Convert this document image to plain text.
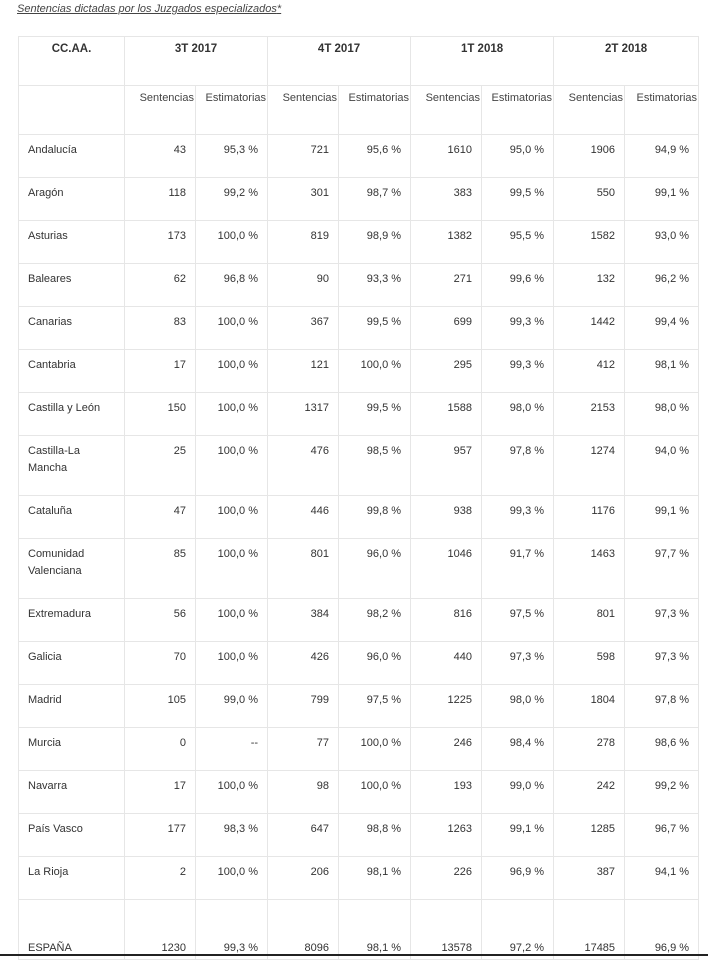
Sentencias dictadas por los Juzgados especializados*
CC.AA.	3T 2017		4T 2017		1T 2018		2T 2018	
	Sentencias	Estimatorias	Sentencias	Estimatorias	Sentencias	Estimatorias	Sentencias	Estimatorias
Andalucía	43	95,3 %	721	95,6 %	1610	95,0 %	1906	94,9 %
Aragón	118	99,2 %	301	98,7 %	383	99,5 %	550	99,1 %
Asturias	173	100,0 %	819	98,9 %	1382	95,5 %	1582	93,0 %
Baleares	62	96,8 %	90	93,3 %	271	99,6 %	132	96,2 %
Canarias	83	100,0 %	367	99,5 %	699	99,3 %	1442	99,4 %
Cantabria	17	100,0 %	121	100,0 %	295	99,3 %	412	98,1 %
Castilla y León	150	100,0 %	1317	99,5 %	1588	98,0 %	2153	98,0 %
Castilla-La Mancha	25	100,0 %	476	98,5 %	957	97,8 %	1274	94,0 %
Cataluña	47	100,0 %	446	99,8 %	938	99,3 %	1176	99,1 %
Comunidad Valenciana	85	100,0 %	801	96,0 %	1046	91,7 %	1463	97,7 %
Extremadura	56	100,0 %	384	98,2 %	816	97,5 %	801	97,3 %
Galicia	70	100,0 %	426	96,0 %	440	97,3 %	598	97,3 %
Madrid	105	99,0 %	799	97,5 %	1225	98,0 %	1804	97,8 %
Murcia	0	--	77	100,0 %	246	98,4 %	278	98,6 %
Navarra	17	100,0 %	98	100,0 %	193	99,0 %	242	99,2 %
País Vasco	177	98,3 %	647	98,8 %	1263	99,1 %	1285	96,7 %
La Rioja	2	100,0 %	206	98,1 %	226	96,9 %	387	94,1 %
ESPAÑA	1230	99,3 %	8096	98,1 %	13578	97,2 %	17485	96,9 %
